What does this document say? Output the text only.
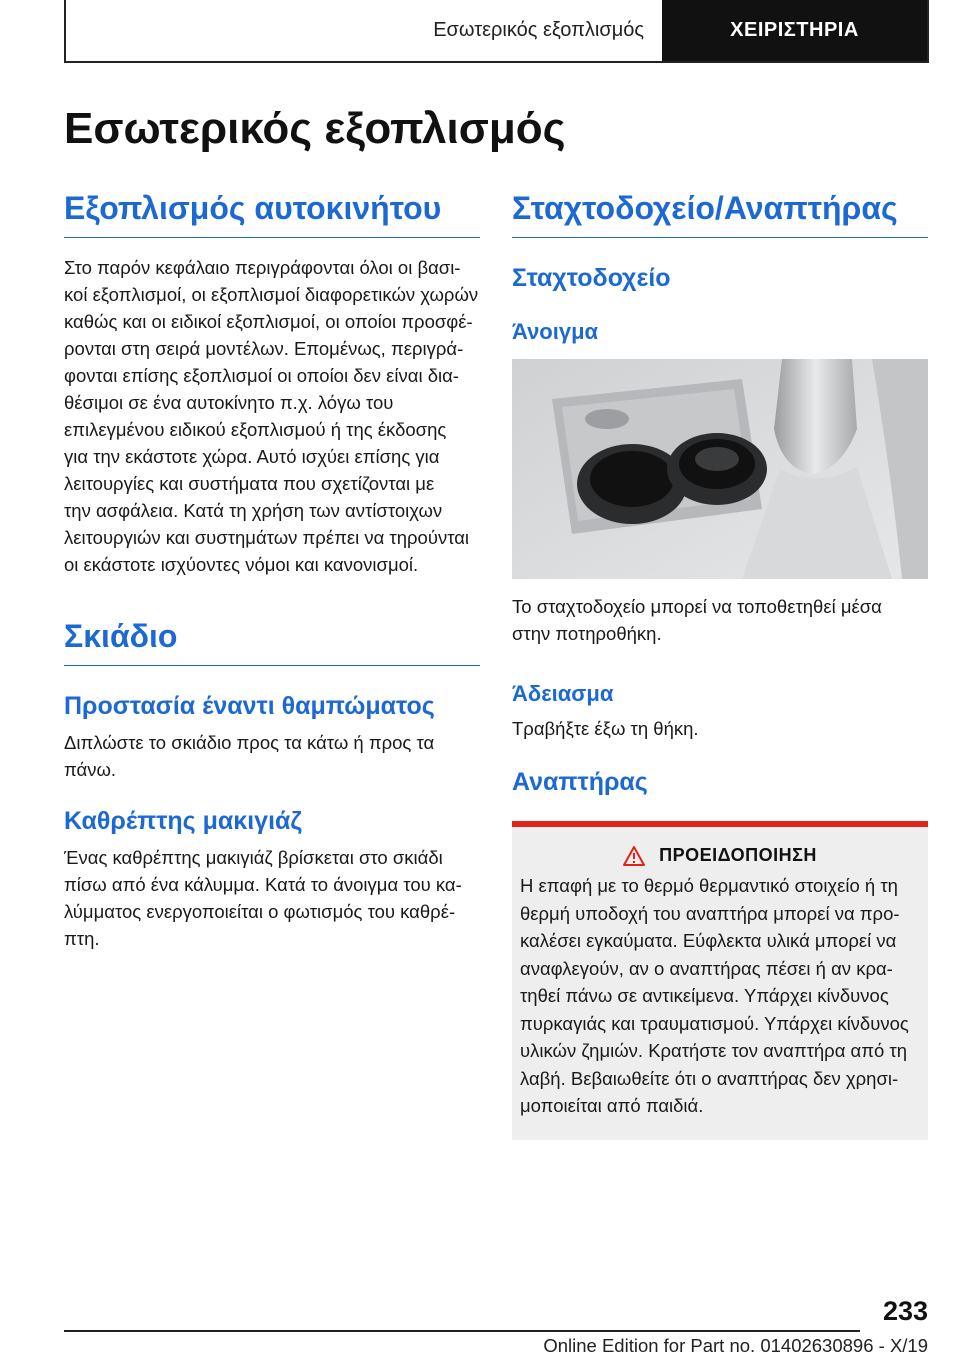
Εσωτερικός εξοπλισμός	ΧΕΙΡΙΣΤΗΡΙΑ
Εσωτερικός εξοπλισμός
Εξοπλισμός αυτοκινήτου

Στο παρόν κεφάλαιο περιγράφονται όλοι οι βασι‐

κοί εξοπλισμοί, οι εξοπλισμοί διαφορετικών χωρών

καθώς και οι ειδικοί εξοπλισμοί, οι οποίοι προσφέ‐

ρονται στη σειρά μοντέλων. Επομένως, περιγρά‐

φονται επίσης εξοπλισμοί οι οποίοι δεν είναι δια‐

θέσιμοι σε ένα αυτοκίνητο π.χ. λόγω του

επιλεγμένου ειδικού εξοπλισμού ή της έκδοσης

για την εκάστοτε χώρα. Αυτό ισχύει επίσης για

λειτουργίες και συστήματα που σχετίζονται με

την ασφάλεια. Κατά τη χρήση των αντίστοιχων

λειτουργιών και συστημάτων πρέπει να τηρούνται

οι εκάστοτε ισχύοντες νόμοι και κανονισμοί.

Σκιάδιο
Προστασία έναντι θαμπώματος

Διπλώστε το σκιάδιο προς τα κάτω ή προς τα

πάνω.

Καθρέπτης μακιγιάζ

Ένας καθρέπτης μακιγιάζ βρίσκεται στο σκιάδι

πίσω από ένα κάλυμμα. Κατά το άνοιγμα του κα‐

λύμματος ενεργοποιείται ο φωτισμός του καθρέ‐

πτη.

Σταχτοδοχείο/Αναπτήρας
Σταχτοδοχείο
Άνοιγμα

Το σταχτοδοχείο μπορεί να τοποθετηθεί μέσα

στην ποτηροθήκη.

Άδειασμα

Τραβήξτε έξω τη θήκη.

Αναπτήρας
ΠΡΟΕΙΔΟΠΟΙΗΣΗ

Η επαφή με το θερμό θερμαντικό στοιχείο ή τη

θερμή υποδοχή του αναπτήρα μπορεί να προ‐

καλέσει εγκαύματα. Εύφλεκτα υλικά μπορεί να

αναφλεγούν, αν ο αναπτήρας πέσει ή αν κρα‐

τηθεί πάνω σε αντικείμενα. Υπάρχει κίνδυνος

πυρκαγιάς και τραυματισμού. Υπάρχει κίνδυνος

υλικών ζημιών. Κρατήστε τον αναπτήρα από τη

λαβή. Βεβαιωθείτε ότι ο αναπτήρας δεν χρησι‐

μοποιείται από παιδιά.

233
Online Edition for Part no. 01402630896 - X/19
